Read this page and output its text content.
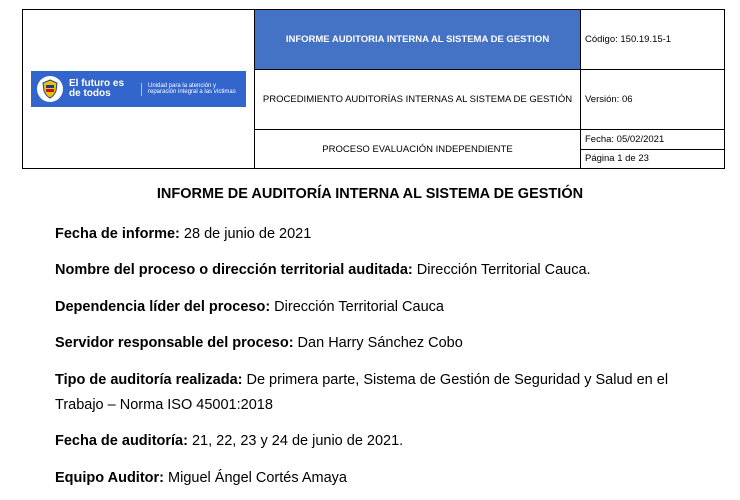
El futuro es de todos
Unidad para la atención y reparación integral a las víctimas	INFORME AUDITORIA INTERNA AL SISTEMA DE GESTION	Código: 150.19.15-1
	PROCEDIMIENTO AUDITORÍAS INTERNAS AL SISTEMA DE GESTIÓN	Versión: 06
	PROCESO EVALUACIÓN INDEPENDIENTE	Fecha: 05/02/2021
		Página 1 de 23
INFORME DE AUDITORÍA INTERNA AL SISTEMA DE GESTIÓN
Fecha de informe: 28 de junio de 2021
Nombre del proceso o dirección territorial auditada: Dirección Territorial Cauca.
Dependencia líder del proceso: Dirección Territorial Cauca
Servidor responsable del proceso: Dan Harry Sánchez Cobo
Tipo de auditoría realizada: De primera parte, Sistema de Gestión de Seguridad y Salud en el Trabajo – Norma ISO 45001:2018
Fecha de auditoría: 21, 22, 23 y 24 de junio de 2021.
Equipo Auditor: Miguel Ángel Cortés Amaya
